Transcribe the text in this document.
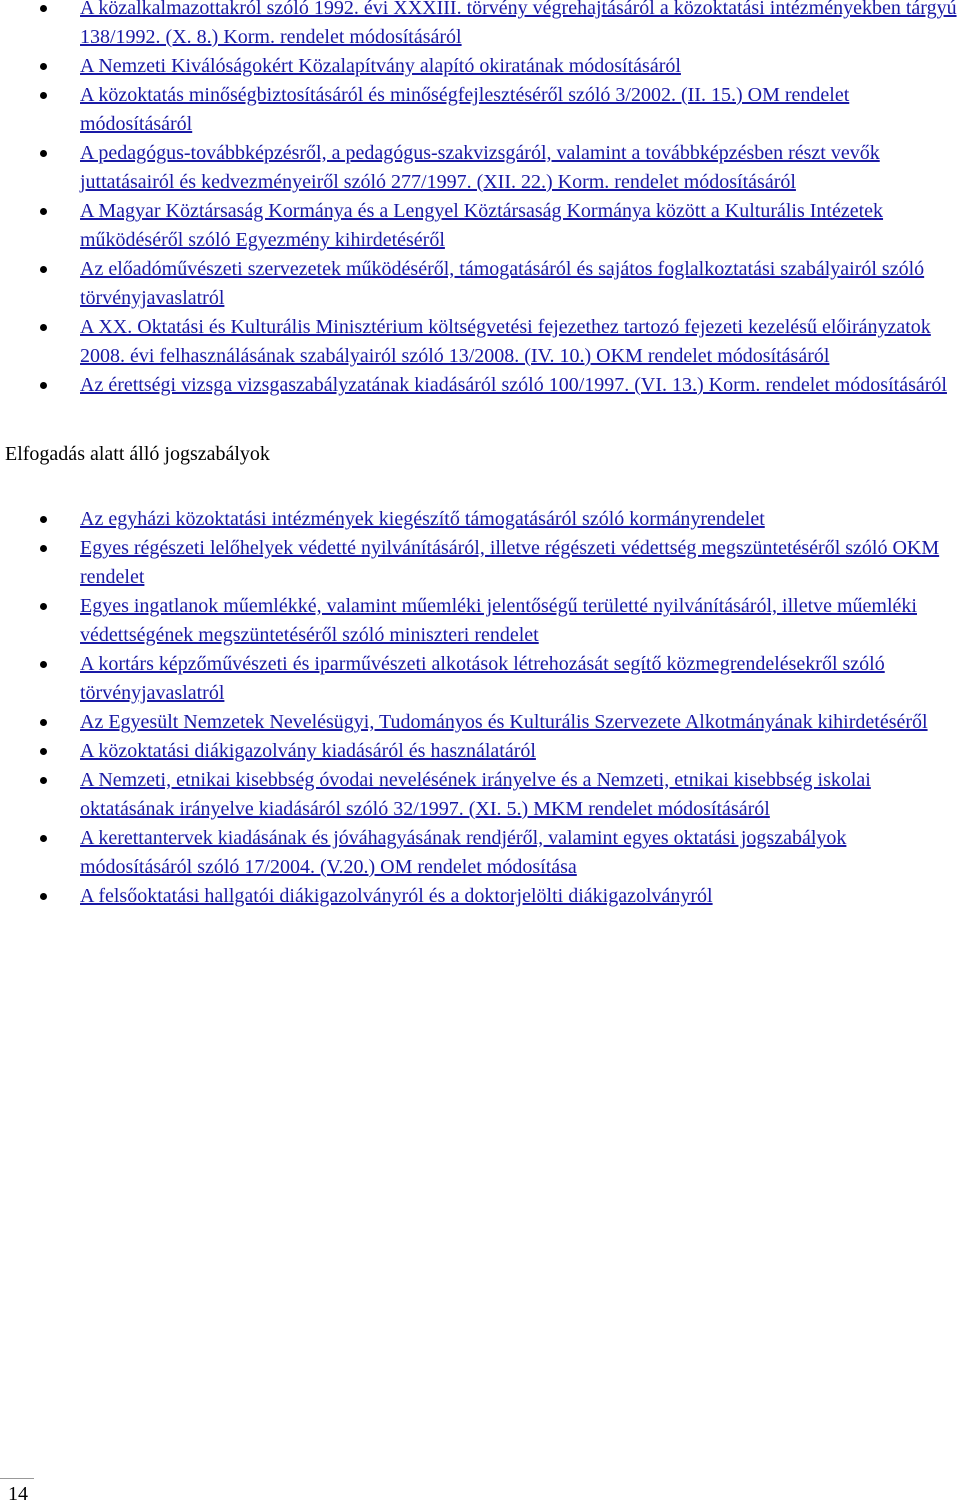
A közalkalmazottakról szóló 1992. évi XXXIII. törvény végrehajtásáról a közoktatási intézményekben tárgyú 138/1992. (X. 8.) Korm. rendelet módosításáról
A Nemzeti Kiválóságokért Közalapítvány alapító okiratának módosításáról
A közoktatás minőségbiztosításáról és minőségfejlesztéséről szóló 3/2002. (II. 15.) OM rendelet módosításáról
A pedagógus-továbbképzésről, a pedagógus-szakvizsgáról, valamint a továbbképzésben részt vevők juttatásairól és kedvezményeiről szóló 277/1997. (XII. 22.) Korm. rendelet módosításáról
A Magyar Köztársaság Kormánya és a Lengyel Köztársaság Kormánya között a Kulturális Intézetek működéséről szóló Egyezmény kihirdetéséről
Az előadóművészeti szervezetek működéséről, támogatásáról és sajátos foglalkoztatási szabályairól szóló törvényjavaslatról
A XX. Oktatási és Kulturális Minisztérium költségvetési fejezethez tartozó fejezeti kezelésű előirányzatok 2008. évi felhasználásának szabályairól szóló 13/2008. (IV. 10.) OKM rendelet módosításáról
Az érettségi vizsga vizsgaszabályzatának kiadásáról szóló 100/1997. (VI. 13.) Korm. rendelet módosításáról
Elfogadás alatt álló jogszabályok
Az egyházi közoktatási intézmények kiegészítő támogatásáról szóló kormányrendelet
Egyes régészeti lelőhelyek védetté nyilvánításáról, illetve régészeti védettség megszüntetéséről szóló OKM rendelet
Egyes ingatlanok műemlékké, valamint műemléki jelentőségű területté nyilvánításáról, illetve műemléki védettségének megszüntetéséről szóló miniszteri rendelet
A kortárs képzőművészeti és iparművészeti alkotások létrehozását segítő közmegrendelésekről szóló törvényjavaslatról
Az Egyesült Nemzetek Nevelésügyi, Tudományos és Kulturális Szervezete Alkotmányának kihirdetéséről
A közoktatási diákigazolvány kiadásáról és használatáról
A Nemzeti, etnikai kisebbség óvodai nevelésének irányelve és a Nemzeti, etnikai kisebbség iskolai oktatásának irányelve kiadásáról szóló 32/1997. (XI. 5.) MKM rendelet módosításáról
A kerettantervek kiadásának és jóváhagyásának rendjéről, valamint egyes oktatási jogszabályok módosításáról szóló 17/2004. (V.20.) OM rendelet módosítása
A felsőoktatási hallgatói diákigazolványról és a doktorjelölti diákigazolványról
14
